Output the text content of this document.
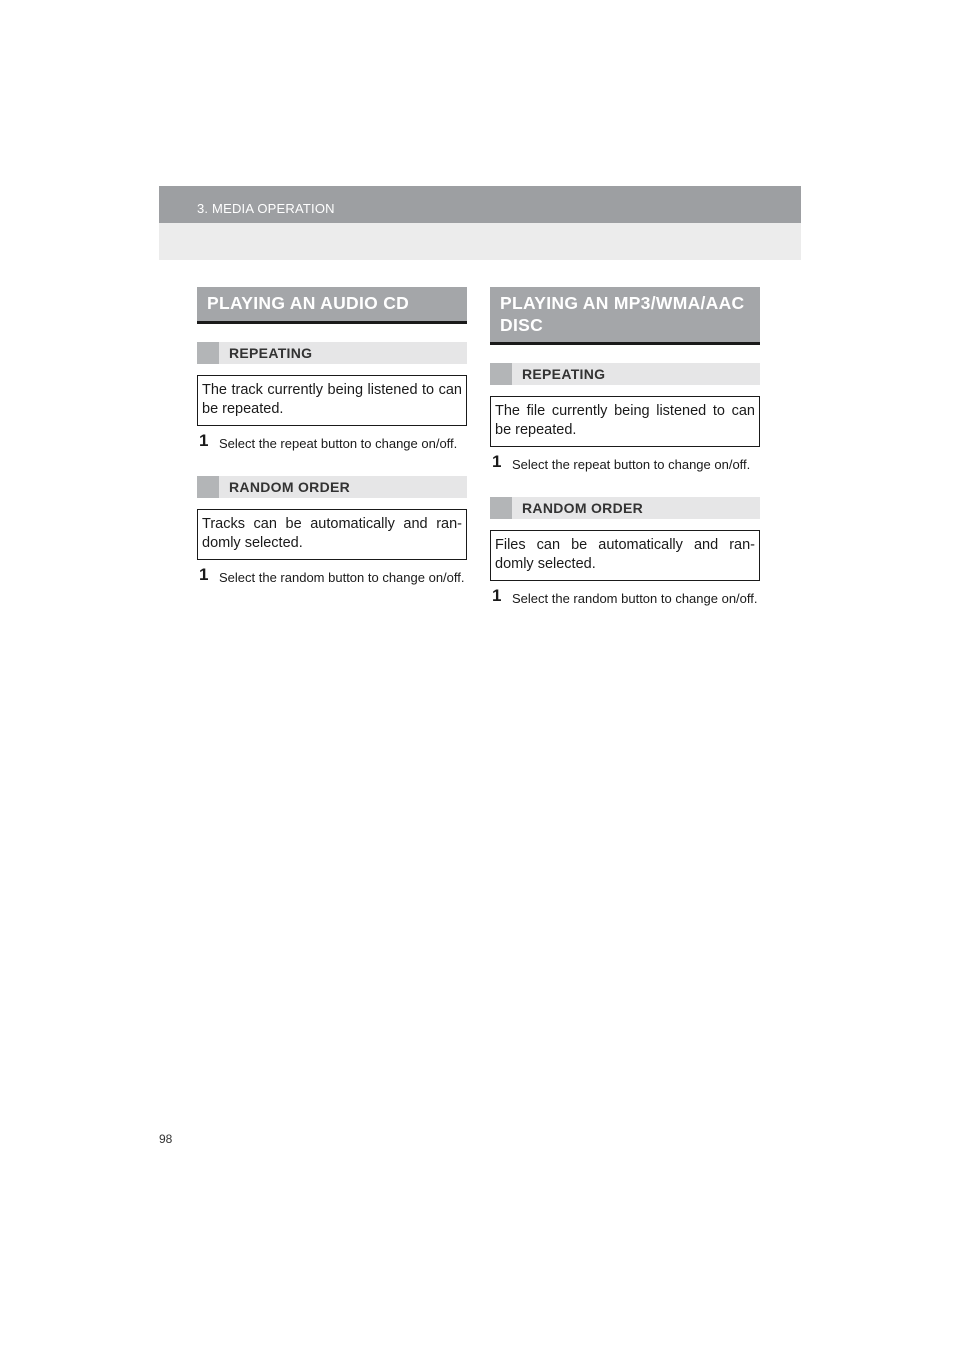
3. MEDIA OPERATION
PLAYING AN AUDIO CD
REPEATING
The track currently being listened to can be repeated.
1 Select the repeat button to change on/off.
RANDOM ORDER
Tracks can be automatically and ran-domly selected.
1 Select the random button to change on/off.
PLAYING AN MP3/WMA/AAC DISC
REPEATING
The file currently being listened to can be repeated.
1 Select the repeat button to change on/off.
RANDOM ORDER
Files can be automatically and ran-domly selected.
1 Select the random button to change on/off.
98
